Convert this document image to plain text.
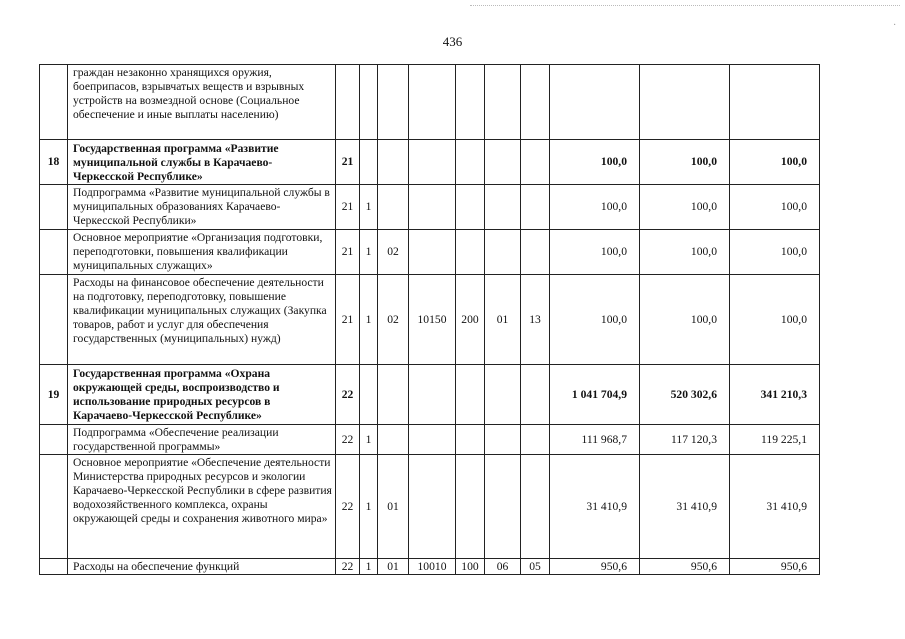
·
436
	граждан незаконно хранящихся оружия, боеприпасов, взрывчатых веществ и взрывных устройств на возмездной основе (Социальное обеспечение и иные выплаты населению)										
18	Государственная программа «Развитие муниципальной службы в Карачаево-Черкесской Республике»	21							100,0	100,0	100,0
	Подпрограмма «Развитие муниципальной службы в муниципальных образованиях Карачаево-Черкесской Республики»	21	1						100,0	100,0	100,0
	Основное мероприятие «Организация подготовки, переподготовки, повышения квалификации муниципальных служащих»	21	1	02					100,0	100,0	100,0
	Расходы на финансовое обеспечение деятельности на подготовку, переподготовку, повышение квалификации муниципальных служащих (Закупка товаров, работ и услуг для обеспечения государственных (муниципальных) нужд)	21	1	02	10150	200	01	13	100,0	100,0	100,0
19	Государственная программа «Охрана окружающей среды, воспроизводство и использование природных ресурсов в Карачаево-Черкесской Республике»	22							1 041 704,9	520 302,6	341 210,3
	Подпрограмма «Обеспечение реализации государственной программы»	22	1						111 968,7	117 120,3	119 225,1
	Основное мероприятие «Обеспечение деятельности Министерства природных ресурсов и экологии Карачаево-Черкесской Республики в сфере развития водохозяйственного комплекса, охраны окружающей среды и сохранения животного мира»	22	1	01					31 410,9	31 410,9	31 410,9
	Расходы на обеспечение функций	22	1	01	10010	100	06	05	950,6	950,6	950,6
